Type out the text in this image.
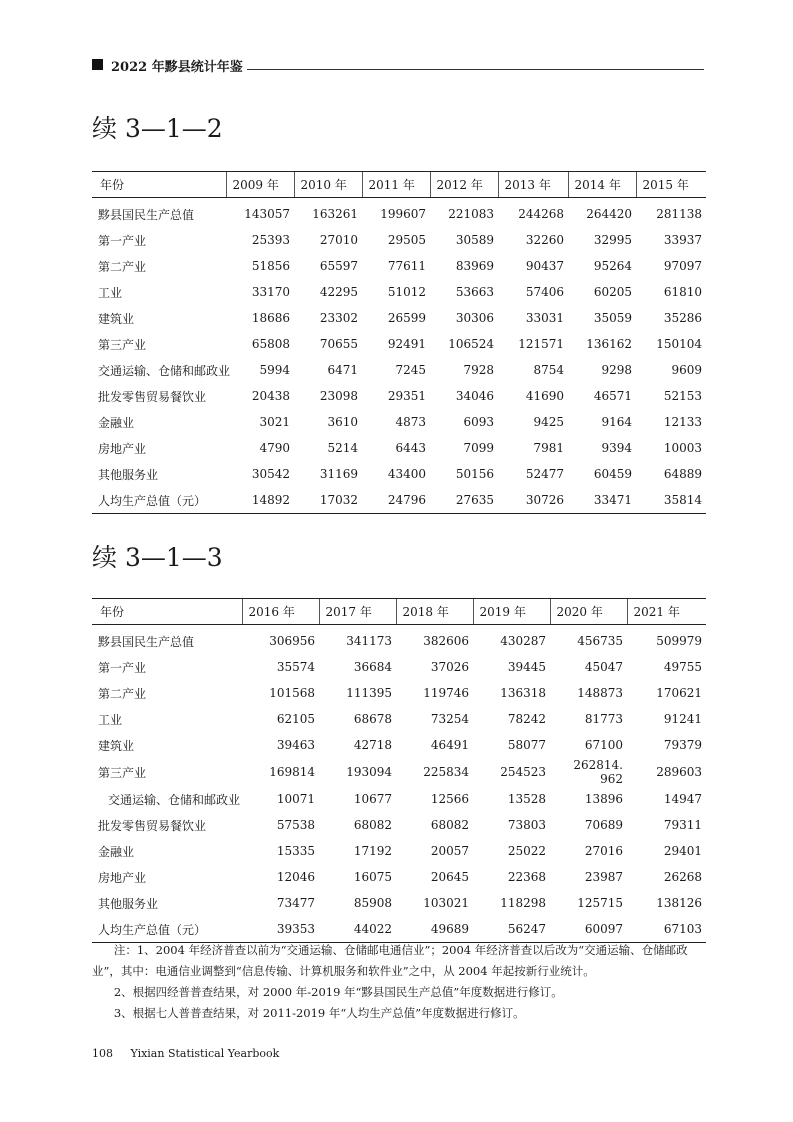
2022 年黟县统计年鉴
续 3—1—2
年份	2009 年	2010 年	2011 年	2012 年	2013 年	2014 年	2015 年
黟县国民生产总值	143057	163261	199607	221083	244268	264420	281138
第一产业	25393	27010	29505	30589	32260	32995	33937
第二产业	51856	65597	77611	83969	90437	95264	97097
工业	33170	42295	51012	53663	57406	60205	61810
建筑业	18686	23302	26599	30306	33031	35059	35286
第三产业	65808	70655	92491	106524	121571	136162	150104
交通运输、仓储和邮政业	5994	6471	7245	7928	8754	9298	9609
批发零售贸易餐饮业	20438	23098	29351	34046	41690	46571	52153
金融业	3021	3610	4873	6093	9425	9164	12133
房地产业	4790	5214	6443	7099	7981	9394	10003
其他服务业	30542	31169	43400	50156	52477	60459	64889
人均生产总值（元）	14892	17032	24796	27635	30726	33471	35814
续 3—1—3
年份	2016 年	2017 年	2018 年	2019 年	2020 年	2021 年
黟县国民生产总值	306956	341173	382606	430287	456735	509979
第一产业	35574	36684	37026	39445	45047	49755
第二产业	101568	111395	119746	136318	148873	170621
工业	62105	68678	73254	78242	81773	91241
建筑业	39463	42718	46491	58077	67100	79379
第三产业	169814	193094	225834	254523	262814. 962	289603
交通运输、仓储和邮政业	10071	10677	12566	13528	13896	14947
批发零售贸易餐饮业	57538	68082	68082	73803	70689	79311
金融业	15335	17192	20057	25022	27016	29401
房地产业	12046	16075	20645	22368	23987	26268
其他服务业	73477	85908	103021	118298	125715	138126
人均生产总值（元）	39353	44022	49689	56247	60097	67103

注：1、2004 年经济普查以前为“交通运输、仓储邮电通信业”；2004 年经济普查以后改为“交通运输、仓储邮政业”，其中：电通信业调整到“信息传输、计算机服务和软件业”之中，从 2004 年起按新行业统计。

2、根据四经普普查结果，对 2000 年-2019 年“黟县国民生产总值”年度数据进行修订。

3、根据七人普普查结果，对 2011-2019 年“人均生产总值”年度数据进行修订。

108 Yixian Statistical Yearbook
